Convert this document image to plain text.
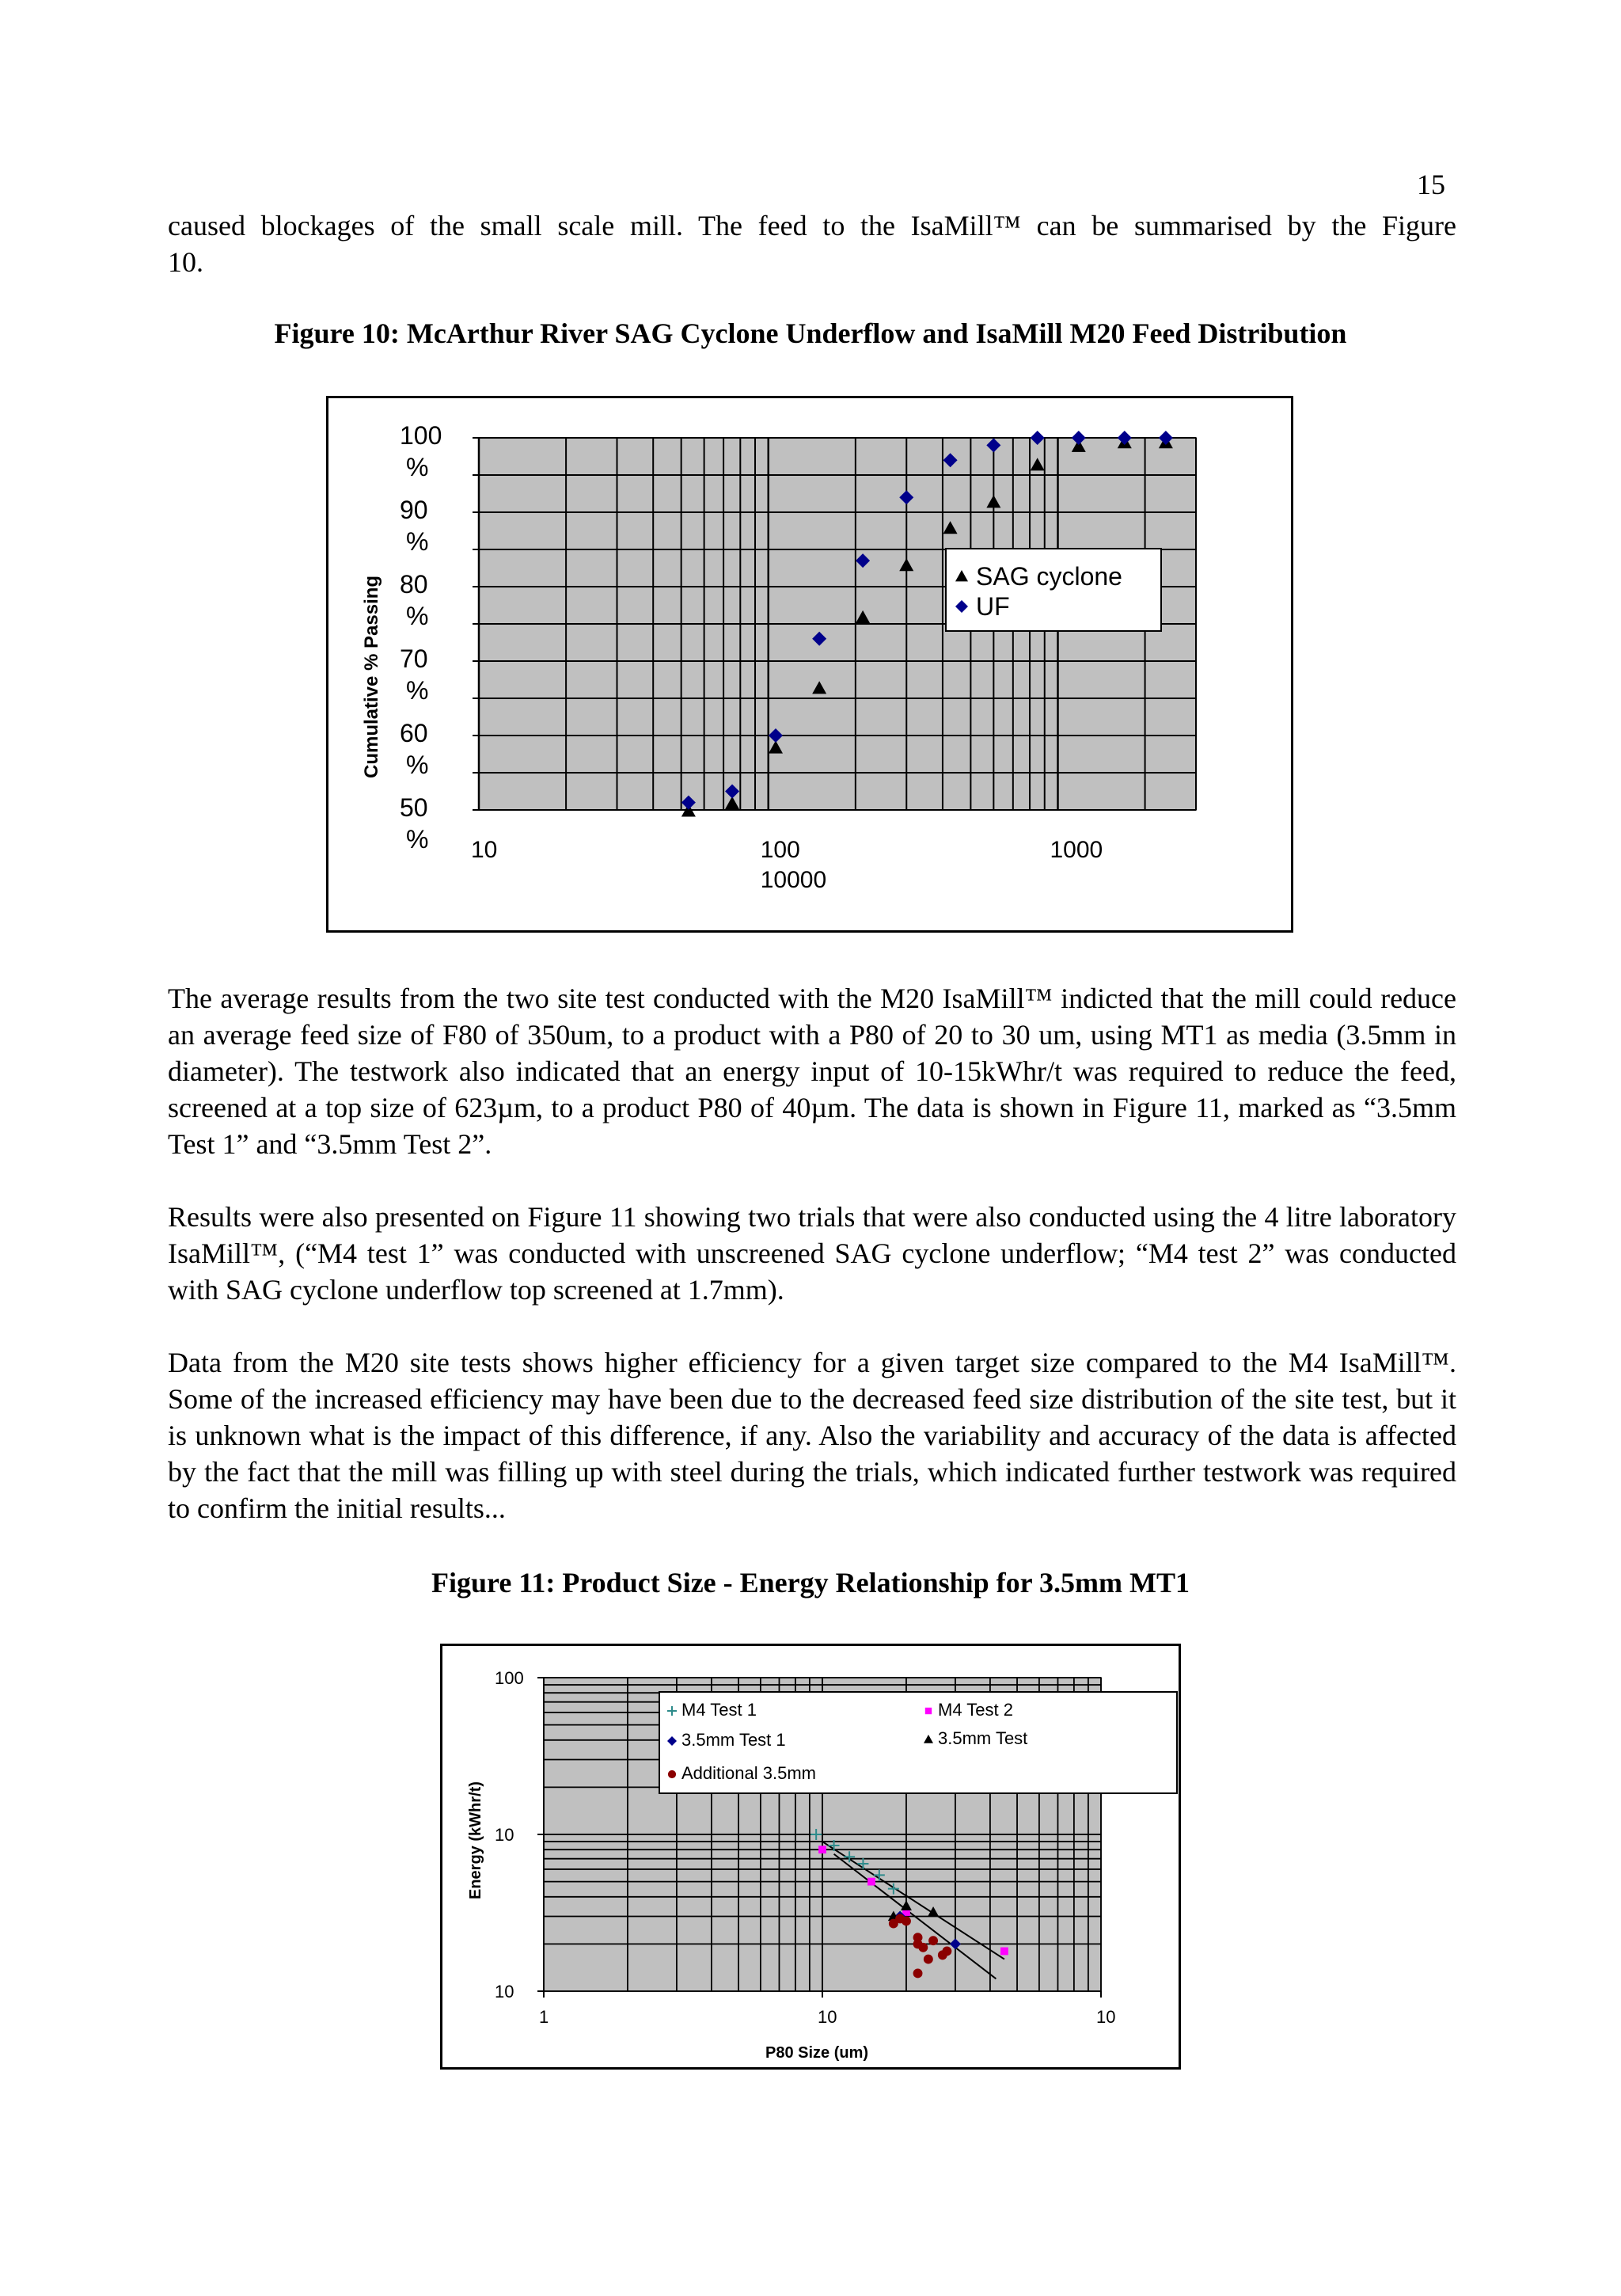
15

caused blockages of the small scale mill. The feed to the IsaMill™ can be summarised by the Figure

10.

Figure 10: McArthur River SAG Cyclone Underflow and IsaMill M20 Feed Distribution

100
%
90
%
80
%
70
%
60
%
50
% 10	100	1000
10000
Cumulative % Passing	SAG cyclone
UF

The average results from the two site test conducted with the M20 IsaMill™ indicted that the mill could reduce an average feed size of F80 of 350um, to a product with a P80 of 20 to 30 um, using MT1 as media (3.5mm in diameter). The testwork also indicated that an energy input of 10-15kWhr/t was required to reduce the feed, screened at a top size of 623µm, to a product P80 of 40µm. The data is shown in Figure 11, marked as “3.5mm Test 1” and “3.5mm Test 2”.

Results were also presented on Figure 11 showing two trials that were also conducted using the 4 litre laboratory IsaMill™, (“M4 test 1” was conducted with unscreened SAG cyclone underflow; “M4 test 2” was conducted with SAG cyclone underflow top screened at 1.7mm).

Data from the M20 site tests shows higher efficiency for a given target size compared to the M4 IsaMill™. Some of the increased efficiency may have been due to the decreased feed size distribution of the site test, but it is unknown what is the impact of this difference, if any. Also the variability and accuracy of the data is affected by the fact that the mill was filling up with steel during the trials, which indicated further testwork was required to confirm the initial results...

Figure 11: Product Size - Energy Relationship for 3.5mm MT1

100
10
10
1	10	10
P80 Size (um)
Energy (kWhr/t)
M4 Test 1	M4 Test 2
3.5mm Test 1	3.5mm Test
Additional 3.5mm
